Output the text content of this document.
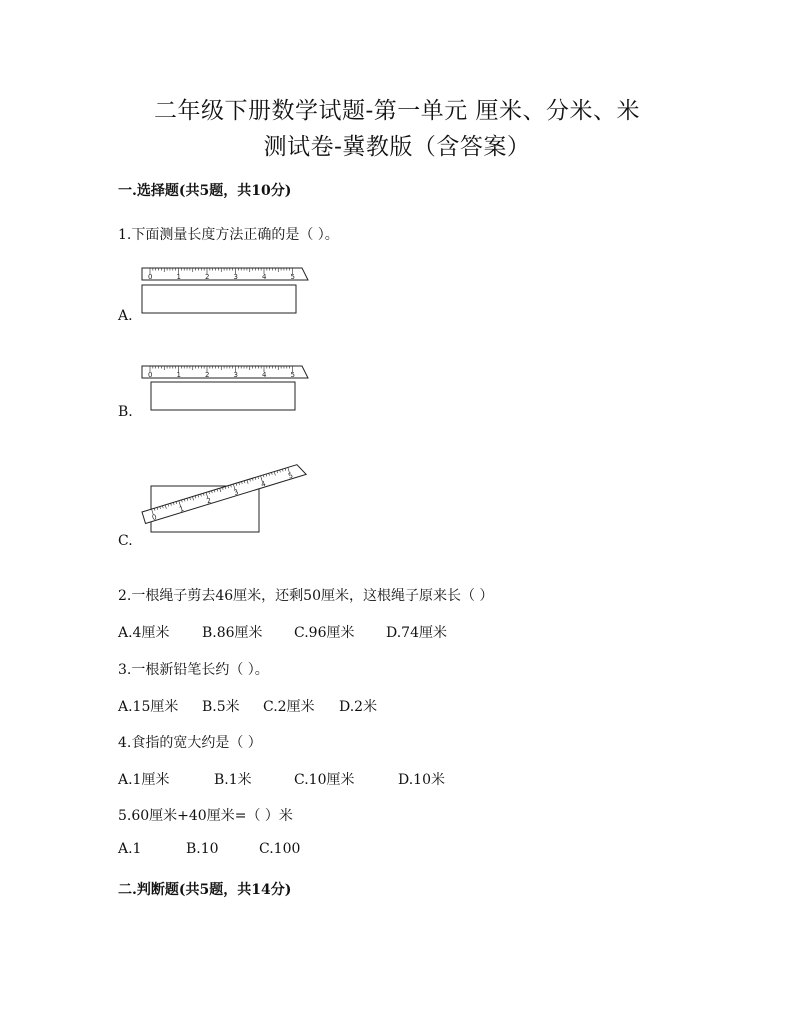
二年级下册数学试题-第一单元 厘米、分米、米
测试卷-冀教版（含答案）
一.选择题(共5题，共10分)
1.下面测量长度方法正确的是（ ）。
0	1	2	3	4	5
A.
0	1	2	3	4	5
B.
0
1
2
3
4
5
C.
2.一根绳子剪去46厘米，还剩50厘米，这根绳子原来长（ ）
A.4厘米 B.86厘米 C.96厘米 D.74厘米
3.一根新铅笔长约（ ）。
A.15厘米 B.5米 C.2厘米 D.2米
4.食指的宽大约是（ ）
A.1厘米	B.1米	C.10厘米	D.10米
5.60厘米+40厘米=（ ）米
A.1	B.10	C.100
二.判断题(共5题，共14分)
